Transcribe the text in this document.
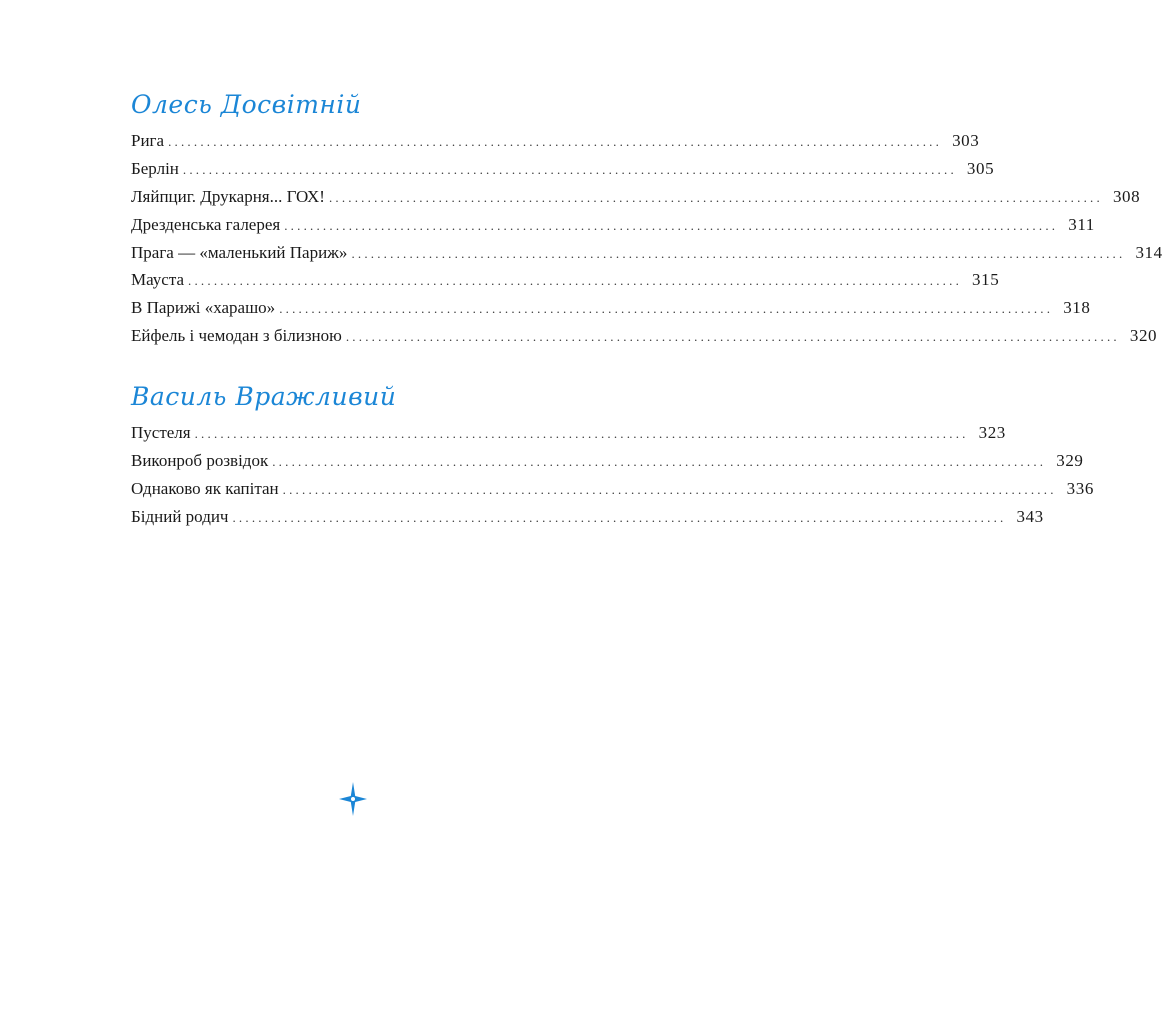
Олесь Досвітній
Рига ........................................................................................................................ 303
Берлін ........................................................................................................................ 305
Ляйпциг. Друкарня... ГОХ! ........................................................................................................................ 308
Дрезденська галерея ........................................................................................................................ 311
Прага — «маленький Париж» ........................................................................................................................ 314
Мауста ........................................................................................................................ 315
В Парижі «харашо» ........................................................................................................................ 318
Ейфель і чемодан з білизною ........................................................................................................................ 320
Василь Вражливий
Пустеля ........................................................................................................................ 323
Виконроб розвідок ........................................................................................................................ 329
Однаково як капітан ........................................................................................................................ 336
Бідний родич ........................................................................................................................ 343
